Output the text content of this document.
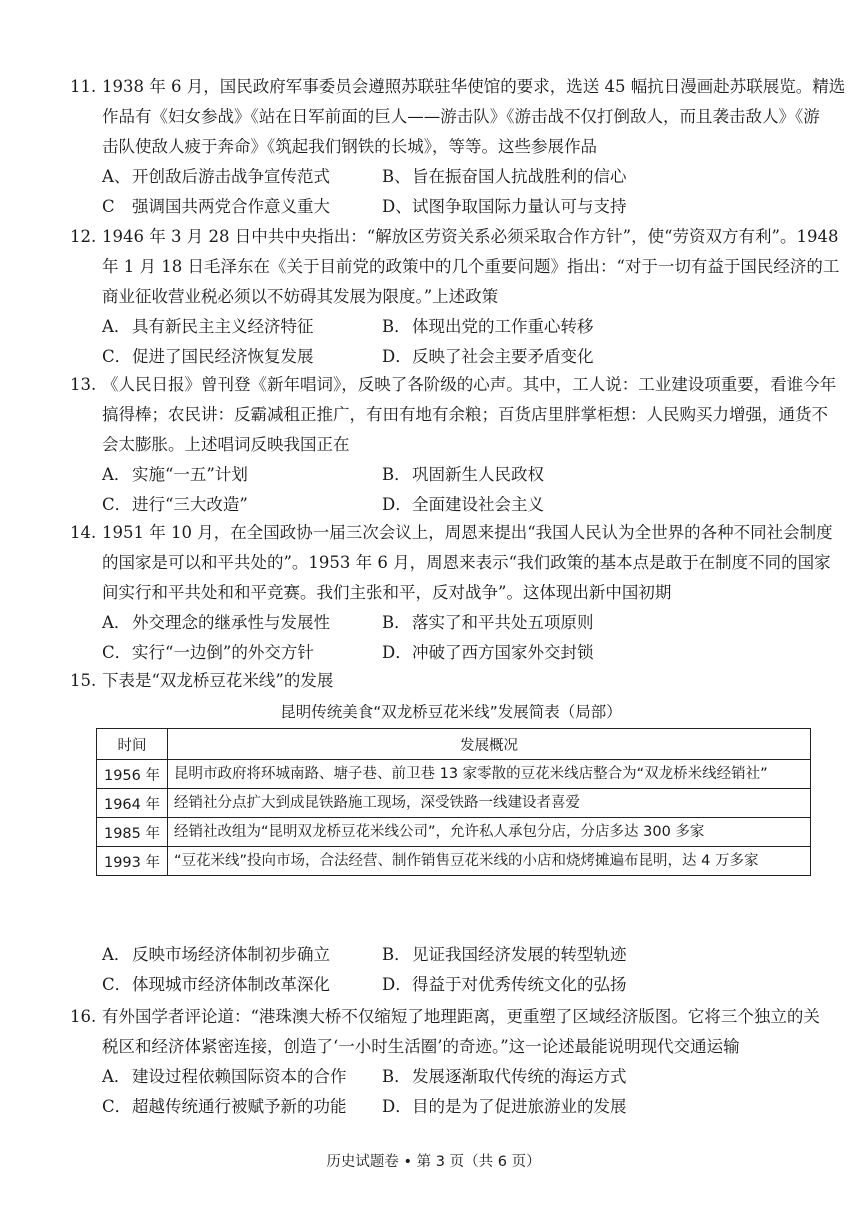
11. 1938 年 6 月，国民政府军事委员会遵照苏联驻华使馆的要求，选送 45 幅抗日漫画赴苏联展览。精选
作品有《妇女参战》《站在日军前面的巨人——游击队》《游击战不仅打倒敌人，而且袭击敌人》《游
击队使敌人疲于奔命》《筑起我们钢铁的长城》，等等。这些参展作品
A、开创敌后游击战争宣传范式	B、旨在振奋国人抗战胜利的信心
C 强调国共两党合作意义重大	D、试图争取国际力量认可与支持
12. 1946 年 3 月 28 日中共中央指出：“解放区劳资关系必须采取合作方针”，使“劳资双方有利”。1948
年 1 月 18 日毛泽东在《关于目前党的政策中的几个重要问题》指出：“对于一切有益于国民经济的工
商业征收营业税必须以不妨碍其发展为限度。”上述政策
A．具有新民主主义经济特征	B．体现出党的工作重心转移
C．促进了国民经济恢复发展	D．反映了社会主要矛盾变化
13. 《人民日报》曾刊登《新年唱词》，反映了各阶级的心声。其中，工人说：工业建设项重要，看谁今年
搞得棒；农民讲：反霸减租正推广，有田有地有余粮；百货店里胖掌柜想：人民购买力增强，通货不
会太膨胀。上述唱词反映我国正在
A．实施“一五”计划	B．巩固新生人民政权
C．进行“三大改造”	D．全面建设社会主义
14. 1951 年 10 月，在全国政协一届三次会议上，周恩来提出“我国人民认为全世界的各种不同社会制度
的国家是可以和平共处的”。1953 年 6 月，周恩来表示“我们政策的基本点是敢于在制度不同的国家
间实行和平共处和和平竞赛。我们主张和平，反对战争”。这体现出新中国初期
A．外交理念的继承性与发展性	B．落实了和平共处五项原则
C．实行“一边倒”的外交方针	D．冲破了西方国家外交封锁
15. 下表是“双龙桥豆花米线”的发展
昆明传统美食“双龙桥豆花米线”发展简表（局部）
时间	发展概况
1956 年	昆明市政府将环城南路、塘子巷、前卫巷 13 家零散的豆花米线店整合为“双龙桥米线经销社”
1964 年	经销社分点扩大到成昆铁路施工现场，深受铁路一线建设者喜爱
1985 年	经销社改组为“昆明双龙桥豆花米线公司”，允许私人承包分店，分店多达 300 多家
1993 年	“豆花米线”投向市场，合法经营、制作销售豆花米线的小店和烧烤摊遍布昆明，达 4 万多家
A．反映市场经济体制初步确立	B．见证我国经济发展的转型轨迹
C．体现城市经济体制改革深化	D．得益于对优秀传统文化的弘扬
16. 有外国学者评论道：“港珠澳大桥不仅缩短了地理距离，更重塑了区域经济版图。它将三个独立的关
税区和经济体紧密连接，创造了‘一小时生活圈’的奇迹。”这一论述最能说明现代交通运输
A．建设过程依赖国际资本的合作	B．发展逐渐取代传统的海运方式
C．超越传统通行被赋予新的功能	D．目的是为了促进旅游业的发展
历史试题卷 • 第 3 页（共 6 页）
